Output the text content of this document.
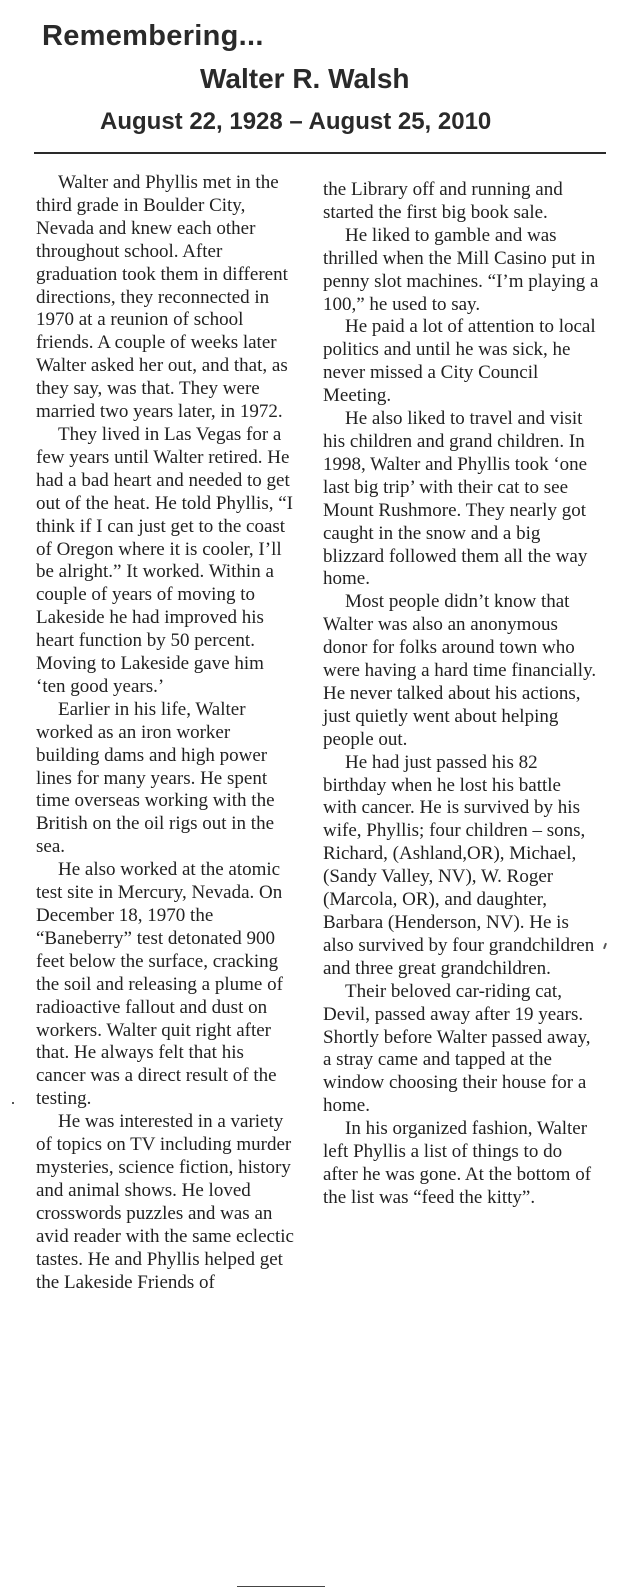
Remembering...
Walter R. Walsh
August 22, 1928 – August 25, 2010

Walter and Phyllis met in the third grade in Boulder City, Nevada and knew each other throughout school. After graduation took them in different directions, they reconnected in 1970 at a reunion of school friends. A couple of weeks later Walter asked her out, and that, as they say, was that. They were married two years later, in 1972.

They lived in Las Vegas for a few years until Walter retired. He had a bad heart and needed to get out of the heat. He told Phyllis, “I think if I can just get to the coast of Oregon where it is cooler, I’ll be alright.” It worked. Within a couple of years of moving to Lakeside he had improved his heart function by 50 percent. Moving to Lakeside gave him ‘ten good years.’

Earlier in his life, Walter worked as an iron worker building dams and high power lines for many years. He spent time overseas working with the British on the oil rigs out in the sea.

He also worked at the atomic test site in Mercury, Nevada. On December 18, 1970 the “Baneberry” test detonated 900 feet below the surface, cracking the soil and releasing a plume of radioactive fallout and dust on workers. Walter quit right after that. He always felt that his cancer was a direct result of the testing.

He was interested in a variety of topics on TV including murder mysteries, science fiction, history and animal shows. He loved crosswords puzzles and was an avid reader with the same eclectic tastes. He and Phyllis helped get the Lakeside Friends of

the Library off and running and started the first big book sale.

He liked to gamble and was thrilled when the Mill Casino put in penny slot machines. “I’m playing a 100,” he used to say.

He paid a lot of attention to local politics and until he was sick, he never missed a City Council Meeting.

He also liked to travel and visit his children and grand children. In 1998, Walter and Phyllis took ‘one last big trip’ with their cat to see Mount Rushmore. They nearly got caught in the snow and a big blizzard followed them all the way home.

Most people didn’t know that Walter was also an anonymous donor for folks around town who were having a hard time financially. He never talked about his actions, just quietly went about helping people out.

He had just passed his 82 birthday when he lost his battle with cancer. He is survived by his wife, Phyllis; four children – sons, Richard, (Ashland,OR), Michael, (Sandy Valley, NV), W. Roger (Marcola, OR), and daughter, Barbara (Henderson, NV). He is also survived by four grandchildren and three great grandchildren.

Their beloved car-riding cat, Devil, passed away after 19 years. Shortly before Walter passed away, a stray came and tapped at the window choosing their house for a home.

In his organized fashion, Walter left Phyllis a list of things to do after he was gone. At the bottom of the list was “feed the kitty”.
